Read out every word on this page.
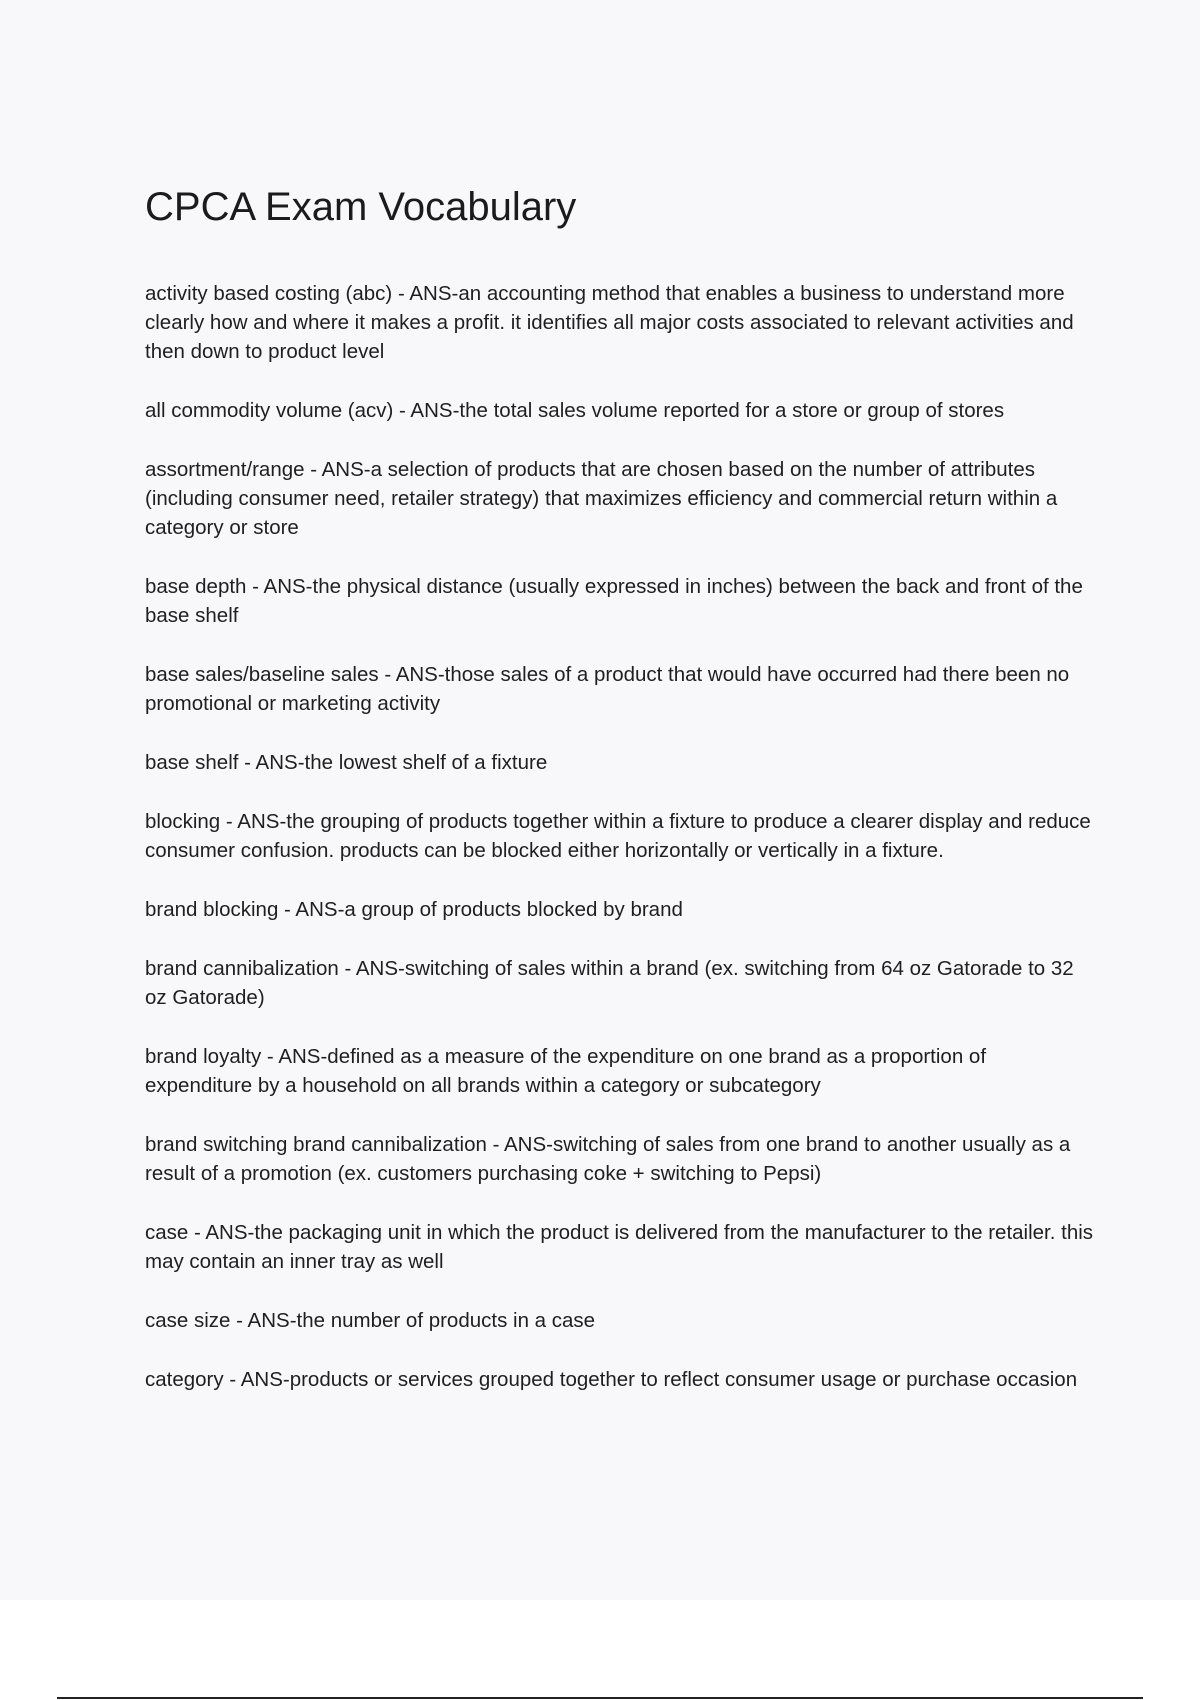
CPCA Exam Vocabulary
activity based costing (abc) - ANS-an accounting method that enables a business to understand more clearly how and where it makes a profit. it identifies all major costs associated to relevant activities and then down to product level
all commodity volume (acv) - ANS-the total sales volume reported for a store or group of stores
assortment/range - ANS-a selection of products that are chosen based on the number of attributes (including consumer need, retailer strategy) that maximizes efficiency and commercial return within a category or store
base depth - ANS-the physical distance (usually expressed in inches) between the back and front of the base shelf
base sales/baseline sales - ANS-those sales of a product that would have occurred had there been no promotional or marketing activity
base shelf - ANS-the lowest shelf of a fixture
blocking - ANS-the grouping of products together within a fixture to produce a clearer display and reduce consumer confusion. products can be blocked either horizontally or vertically in a fixture.
brand blocking - ANS-a group of products blocked by brand
brand cannibalization - ANS-switching of sales within a brand (ex. switching from 64 oz Gatorade to 32 oz Gatorade)
brand loyalty - ANS-defined as a measure of the expenditure on one brand as a proportion of expenditure by a household on all brands within a category or subcategory
brand switching brand cannibalization - ANS-switching of sales from one brand to another usually as a result of a promotion (ex. customers purchasing coke + switching to Pepsi)
case - ANS-the packaging unit in which the product is delivered from the manufacturer to the retailer. this may contain an inner tray as well
case size - ANS-the number of products in a case
category - ANS-products or services grouped together to reflect consumer usage or purchase occasion
